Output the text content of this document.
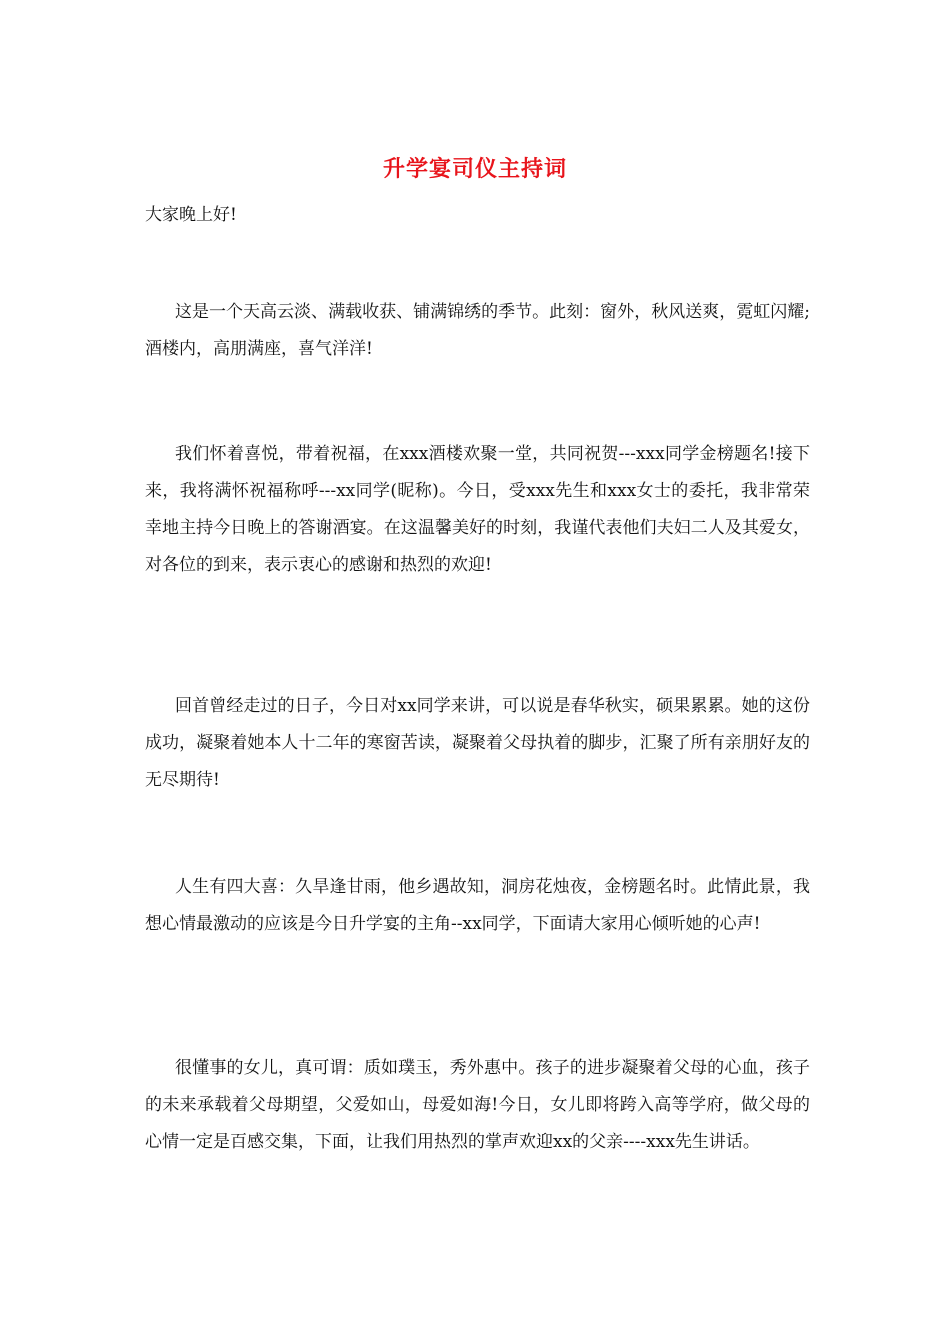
升学宴司仪主持词

大家晚上好!

这是一个天高云淡、满载收获、铺满锦绣的季节。此刻：窗外，秋风送爽，霓虹闪耀;酒楼内，高朋满座，喜气洋洋!

我们怀着喜悦，带着祝福，在xxx酒楼欢聚一堂，共同祝贺---xxx同学金榜题名!接下来，我将满怀祝福称呼---xx同学(昵称)。今日，受xxx先生和xxx女士的委托，我非常荣幸地主持今日晚上的答谢酒宴。在这温馨美好的时刻，我谨代表他们夫妇二人及其爱女，对各位的到来，表示衷心的感谢和热烈的欢迎!

回首曾经走过的日子，今日对xx同学来讲，可以说是春华秋实，硕果累累。她的这份成功，凝聚着她本人十二年的寒窗苦读，凝聚着父母执着的脚步，汇聚了所有亲朋好友的无尽期待!

人生有四大喜：久旱逢甘雨，他乡遇故知，洞房花烛夜，金榜题名时。此情此景，我想心情最激动的应该是今日升学宴的主角--xx同学，下面请大家用心倾听她的心声!

很懂事的女儿，真可谓：质如璞玉，秀外惠中。孩子的进步凝聚着父母的心血，孩子的未来承载着父母期望，父爱如山，母爱如海!今日，女儿即将跨入高等学府，做父母的心情一定是百感交集，下面，让我们用热烈的掌声欢迎xx的父亲----xxx先生讲话。
